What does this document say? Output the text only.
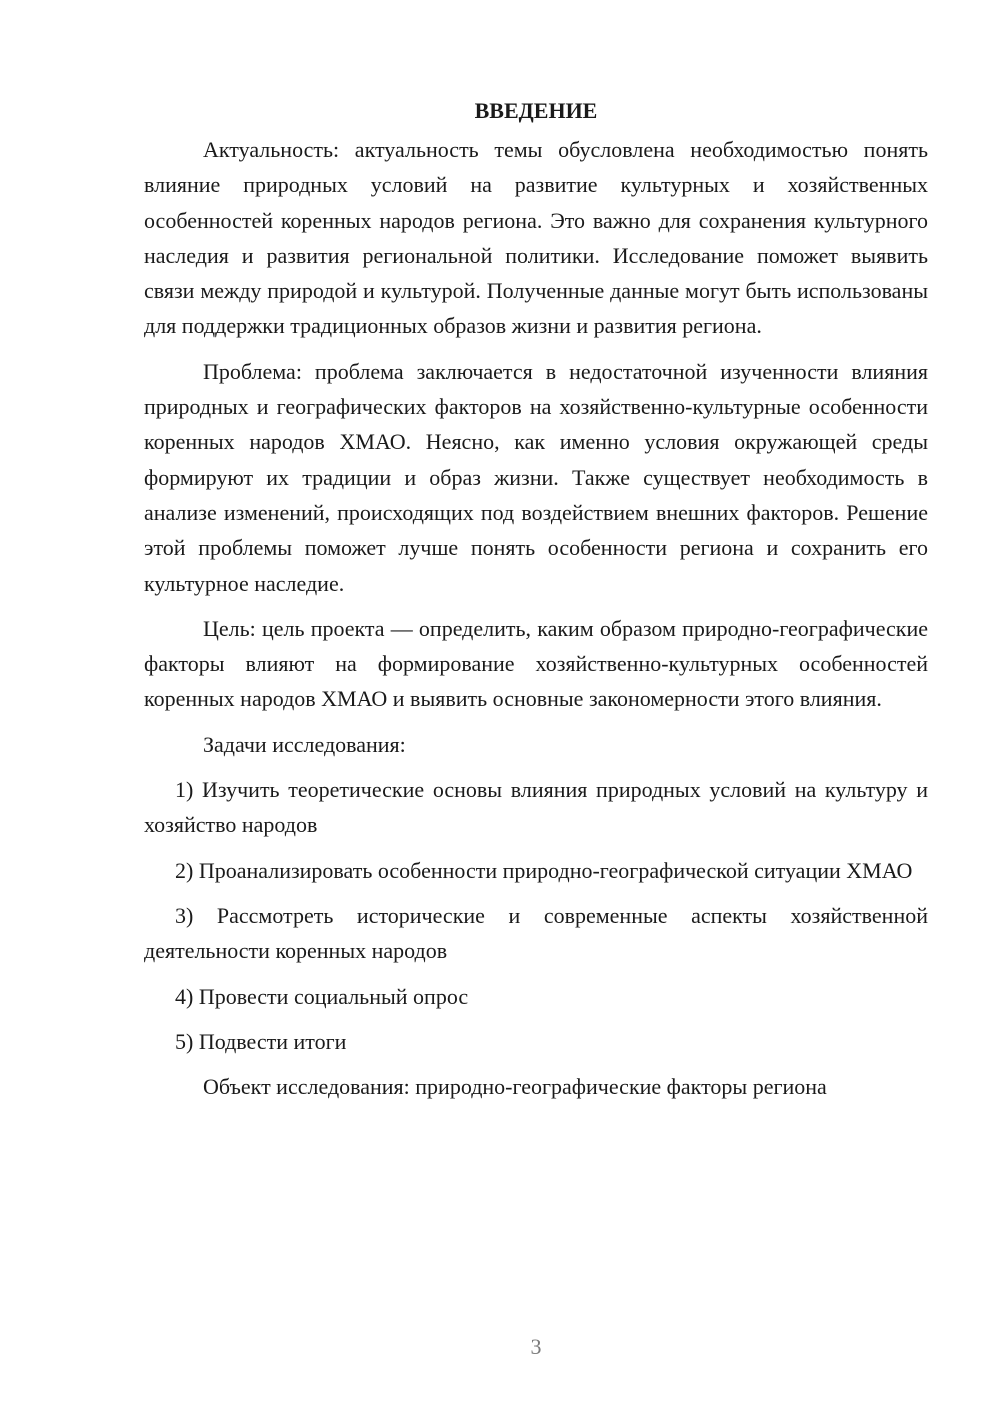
ВВЕДЕНИЕ

Актуальность: актуальность темы обусловлена необходимостью понять влияние природных условий на развитие культурных и хозяйственных особенностей коренных народов региона. Это важно для сохранения культурного наследия и развития региональной политики. Исследование поможет выявить связи между природой и культурой. Полученные данные могут быть использованы для поддержки традиционных образов жизни и развития региона.

Проблема: проблема заключается в недостаточной изученности влияния природных и географических факторов на хозяйственно-культурные особенности коренных народов ХМАО. Неясно, как именно условия окружающей среды формируют их традиции и образ жизни. Также существует необходимость в анализе изменений, происходящих под воздействием внешних факторов. Решение этой проблемы поможет лучше понять особенности региона и сохранить его культурное наследие.

Цель: цель проекта — определить, каким образом природно-географические факторы влияют на формирование хозяйственно-культурных особенностей коренных народов ХМАО и выявить основные закономерности этого влияния.

Задачи исследования:

1) Изучить теоретические основы влияния природных условий на культуру и хозяйство народов

2) Проанализировать особенности природно-географической ситуации ХМАО

3) Рассмотреть исторические и современные аспекты хозяйственной деятельности коренных народов

4) Провести социальный опрос

5) Подвести итоги

Объект исследования: природно-географические факторы региона

3
